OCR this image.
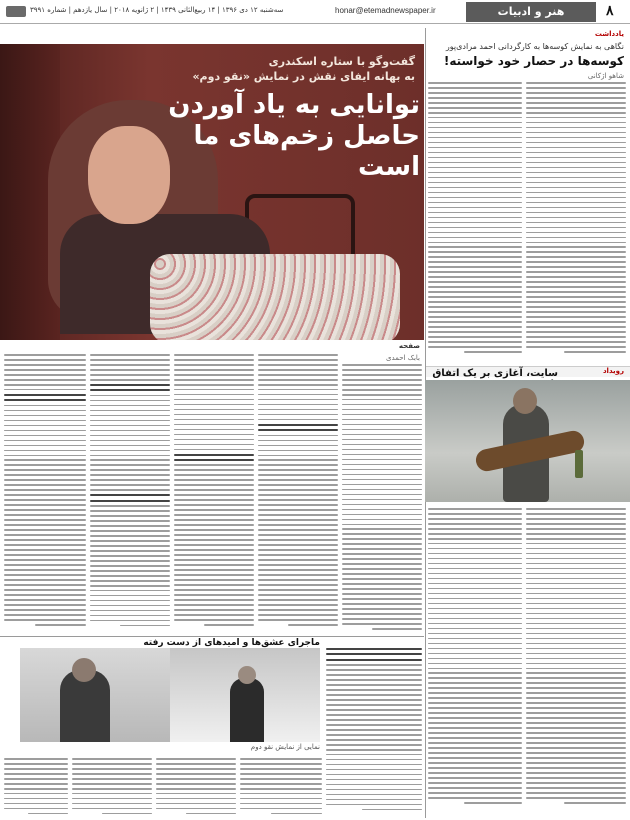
سه‌شنبه ۱۲ دی ۱۳۹۶ | ۱۴ ربیع‌الثانی ۱۴۳۹ | ۲ ژانویه ۲۰۱۸ | سال یازدهم | شماره ۳۹۹۱	honar@etemadnewspaper.ir	هنر و ادبیات	۸
یادداشت
نگاهی به نمایش کوسه‌ها به کارگردانی احمد مرادی‌پور
کوسه‌ها در حصار خود خواسته!
شاهو اژکانی
گفت‌وگو با ستاره اسکندری
به بهانه ایفای نقش در نمایش «نقو دوم»
توانایی به یاد آوردن حاصل زخم‌های ما است
صفحه
بابک احمدی
رویداد
سایت، آغازی بر یک اتفاق
ماجرای عشق‌ها و امیدهای از دست رفته
نمایی از نمایش نقو دوم
